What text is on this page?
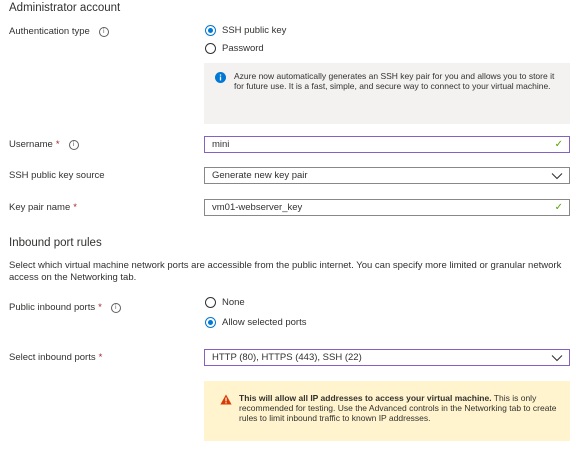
Administrator account
Authentication type	i	SSH public key
Password
Azure now automatically generates an SSH key pair for you and allows you to store it for future use. It is a fast, simple, and secure way to connect to your virtual machine.
Username *	i	mini	✓
SSH public key source	Generate new key pair
Key pair name *	vm01-webserver_key	✓
Inbound port rules
Select which virtual machine network ports are accessible from the public internet. You can specify more limited or granular network access on the Networking tab.
Public inbound ports *	i	None
Allow selected ports
Select inbound ports *	HTTP (80), HTTPS (443), SSH (22)
This will allow all IP addresses to access your virtual machine. This is only recommended for testing. Use the Advanced controls in the Networking tab to create rules to limit inbound traffic to known IP addresses.
